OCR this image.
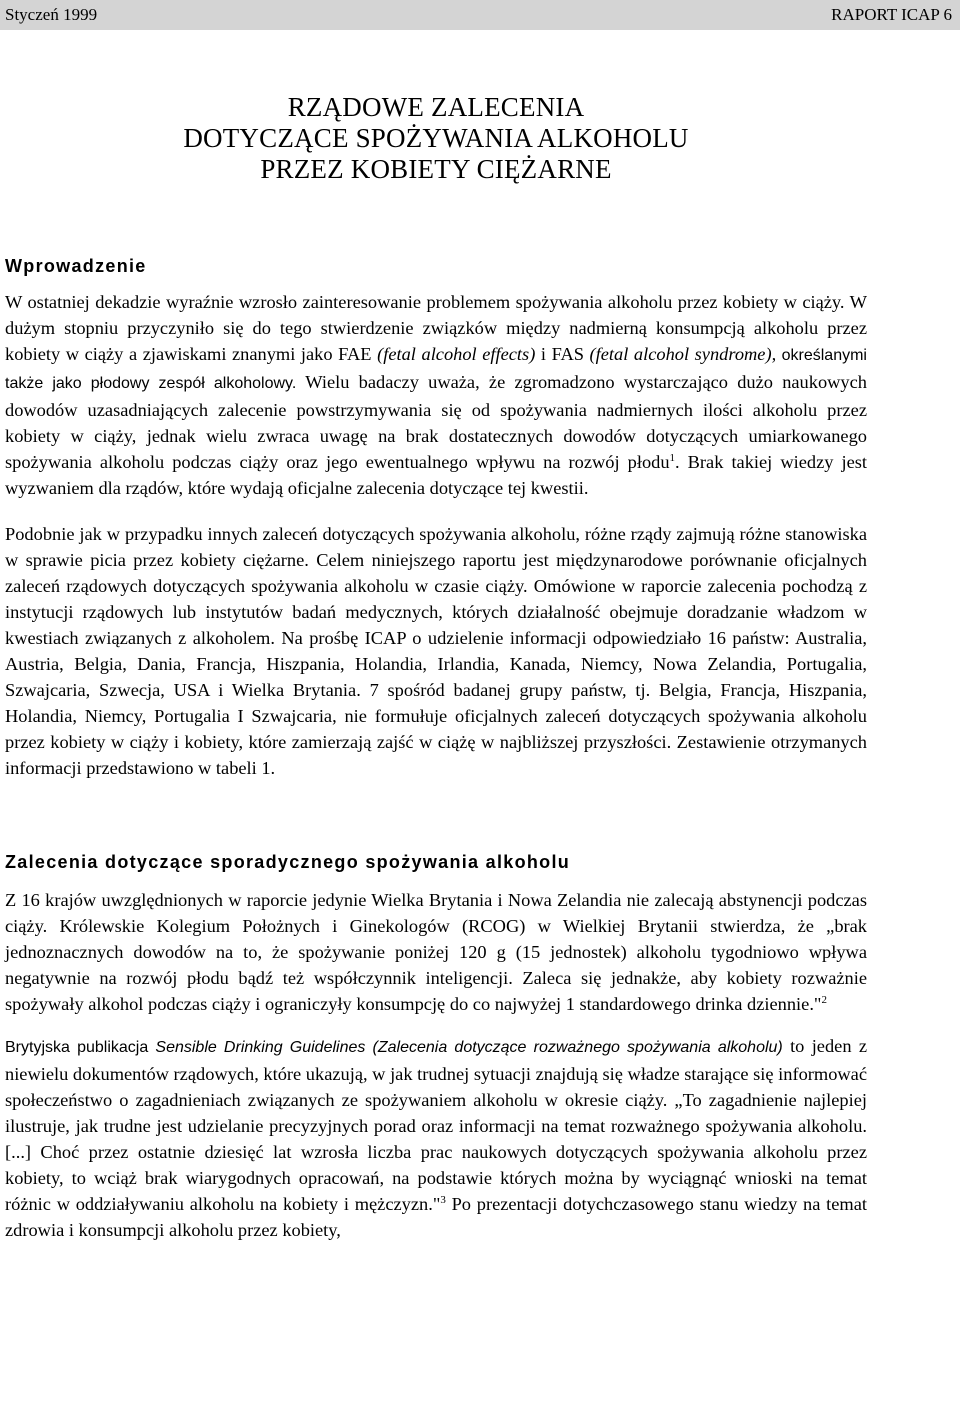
Styczeń 1999	RAPORT ICAP 6
RZĄDOWE ZALECENIA
DOTYCZĄCE SPOŻYWANIA ALKOHOLU
PRZEZ KOBIETY CIĘŻARNE
Wprowadzenie

W ostatniej dekadzie wyraźnie wzrosło zainteresowanie problemem spożywania alkoholu przez kobiety w ciąży. W dużym stopniu przyczyniło się do tego stwierdzenie związków między nadmierną konsumpcją alkoholu przez kobiety w ciąży a zjawiskami znanymi jako FAE (fetal alcohol effects) i FAS (fetal alcohol syndrome), określanymi także jako płodowy zespół alkoholowy. Wielu badaczy uważa, że zgromadzono wystarczająco dużo naukowych dowodów uzasadniających zalecenie powstrzymywania się od spożywania nadmiernych ilości alkoholu przez kobiety w ciąży, jednak wielu zwraca uwagę na brak dostatecznych dowodów dotyczących umiarkowanego spożywania alkoholu podczas ciąży oraz jego ewentualnego wpływu na rozwój płodu$^1$. Brak takiej wiedzy jest wyzwaniem dla rządów, które wydają oficjalne zalecenia dotyczące tej kwestii.

Podobnie jak w przypadku innych zaleceń dotyczących spożywania alkoholu, różne rządy zajmują różne stanowiska w sprawie picia przez kobiety ciężarne. Celem niniejszego raportu jest międzynarodowe porównanie oficjalnych zaleceń rządowych dotyczących spożywania alkoholu w czasie ciąży. Omówione w raporcie zalecenia pochodzą z instytucji rządowych lub instytutów badań medycznych, których działalność obejmuje doradzanie władzom w kwestiach związanych z alkoholem. Na prośbę ICAP o udzielenie informacji odpowiedziało 16 państw: Australia, Austria, Belgia, Dania, Francja, Hiszpania, Holandia, Irlandia, Kanada, Niemcy, Nowa Zelandia, Portugalia, Szwajcaria, Szwecja, USA i Wielka Brytania. 7 spośród badanej grupy państw, tj. Belgia, Francja, Hiszpania, Holandia, Niemcy, Portugalia I Szwajcaria, nie formułuje oficjalnych zaleceń dotyczących spożywania alkoholu przez kobiety w ciąży i kobiety, które zamierzają zajść w ciążę w najbliższej przyszłości. Zestawienie otrzymanych informacji przedstawiono w tabeli 1.

Zalecenia dotyczące sporadycznego spożywania alkoholu

Z 16 krajów uwzględnionych w raporcie jedynie Wielka Brytania i Nowa Zelandia nie zalecają abstynencji podczas ciąży. Królewskie Kolegium Położnych i Ginekologów (RCOG) w Wielkiej Brytanii stwierdza, że „brak jednoznacznych dowodów na to, że spożywanie poniżej 120 g (15 jednostek) alkoholu tygodniowo wpływa negatywnie na rozwój płodu bądź też współczynnik inteligencji. Zaleca się jednakże, aby kobiety rozważnie spożywały alkohol podczas ciąży i ograniczyły konsumpcję do co najwyżej 1 standardowego drinka dziennie."$^2$

Brytyjska publikacja Sensible Drinking Guidelines (Zalecenia dotyczące rozważnego spożywania alkoholu) to jeden z niewielu dokumentów rządowych, które ukazują, w jak trudnej sytuacji znajdują się władze starające się informować społeczeństwo o zagadnieniach związanych ze spożywaniem alkoholu w okresie ciąży. „To zagadnienie najlepiej ilustruje, jak trudne jest udzielanie precyzyjnych porad oraz informacji na temat rozważnego spożywania alkoholu. [...] Choć przez ostatnie dziesięć lat wzrosła liczba prac naukowych dotyczących spożywania alkoholu przez kobiety, to wciąż brak wiarygodnych opracowań, na podstawie których można by wyciągnąć wnioski na temat różnic w oddziaływaniu alkoholu na kobiety i mężczyzn."$^3$ Po prezentacji dotychczasowego stanu wiedzy na temat zdrowia i konsumpcji alkoholu przez kobiety,
